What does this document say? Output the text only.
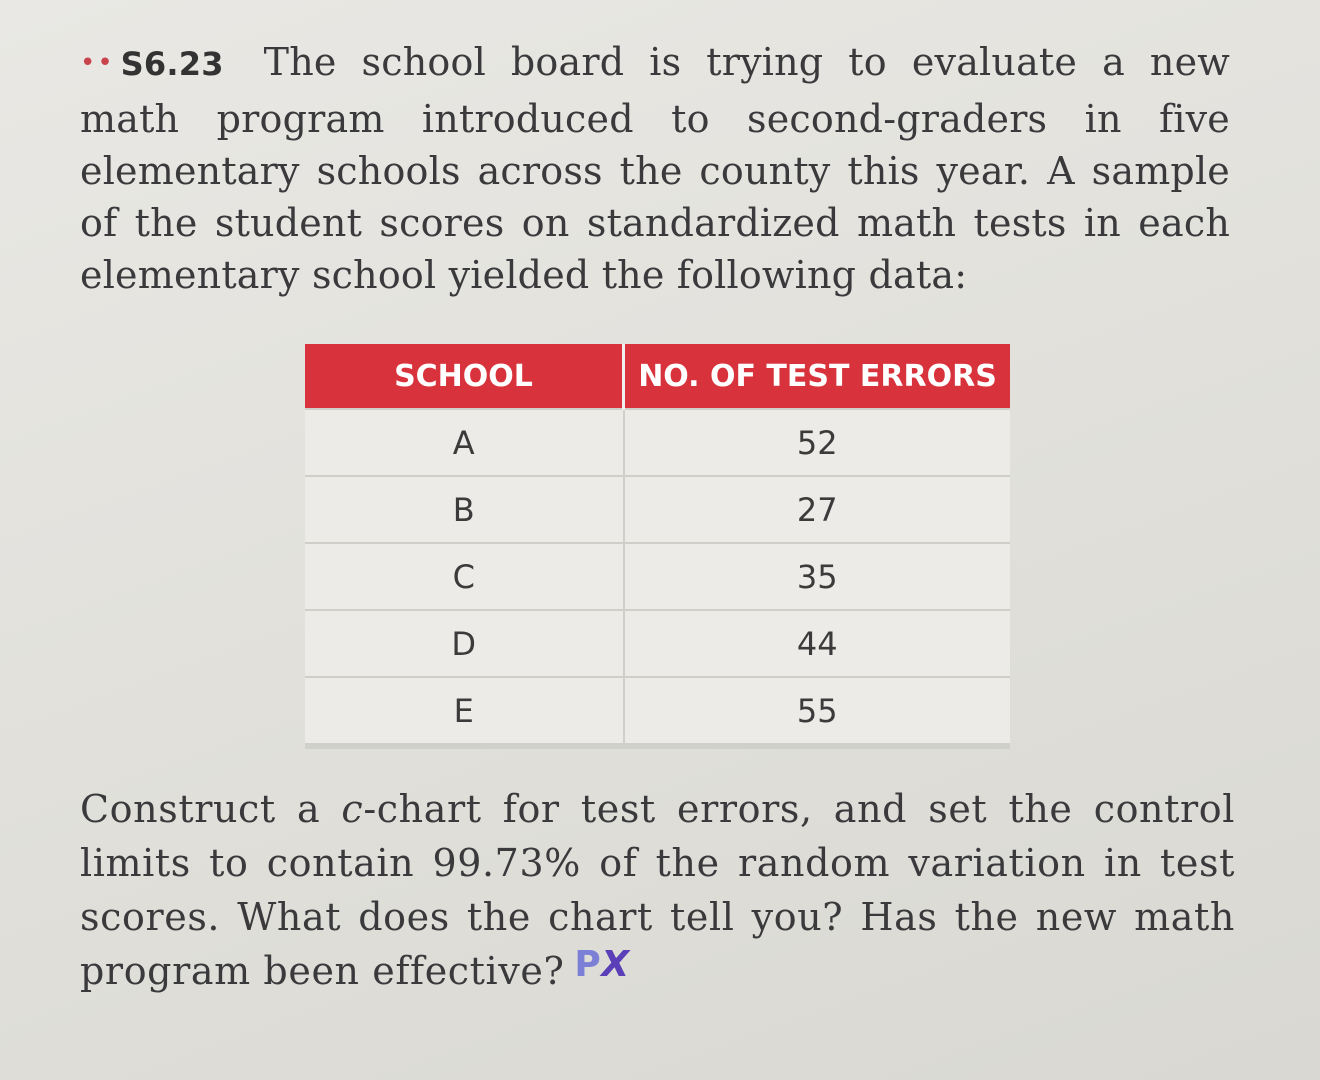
•• S6.23 The school board is trying to evaluate a new math program introduced to second-graders in five elementary schools across the county this year. A sample of the student scores on standardized math tests in each elementary school yielded the following data:
SCHOOL	NO. OF TEST ERRORS
A	52
B	27
C	35
D	44
E	55
Construct a c-chart for test errors, and set the control limits to contain 99.73% of the random variation in test scores. What does the chart tell you? Has the new math program been effective? PX
